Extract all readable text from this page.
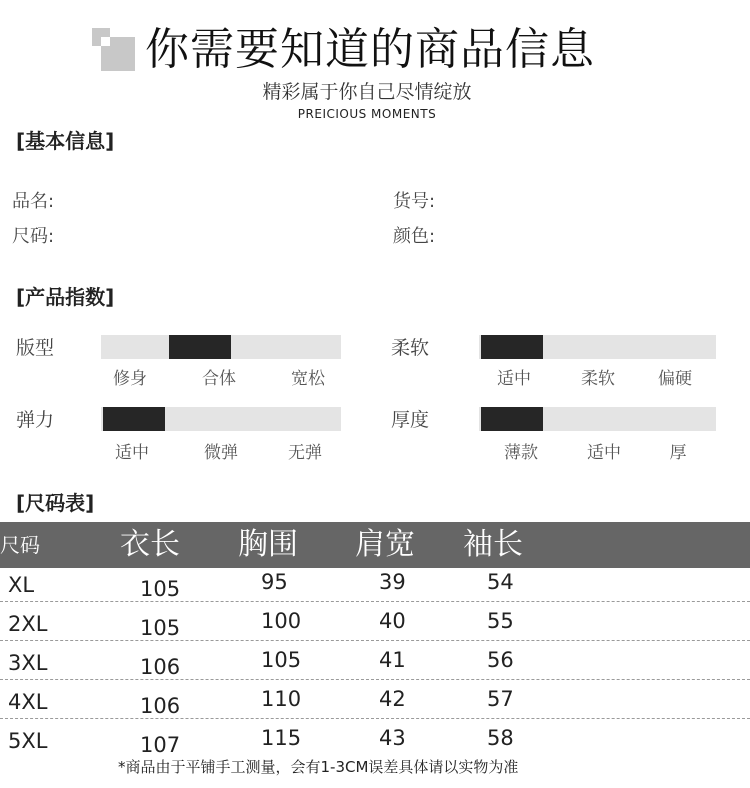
你需要知道的商品信息
精彩属于你自己尽情绽放
PREICIOUS MOMENTS
[基本信息]
品名:	货号:
尺码:	颜色:
[产品指数]
版型
修身	合体	宽松
柔软
适中	柔软	偏硬
弹力
适中	微弹	无弹
厚度
薄款	适中	厚
[尺码表]
尺码	衣长 胸围 肩宽 袖长
XL	105	95	39	54
2XL	105	100	40	55
3XL	106	105	41	56
4XL	106	110	42	57
5XL	107	115	43	58
*商品由于平铺手工测量，会有1-3CM误差具体请以实物为准
